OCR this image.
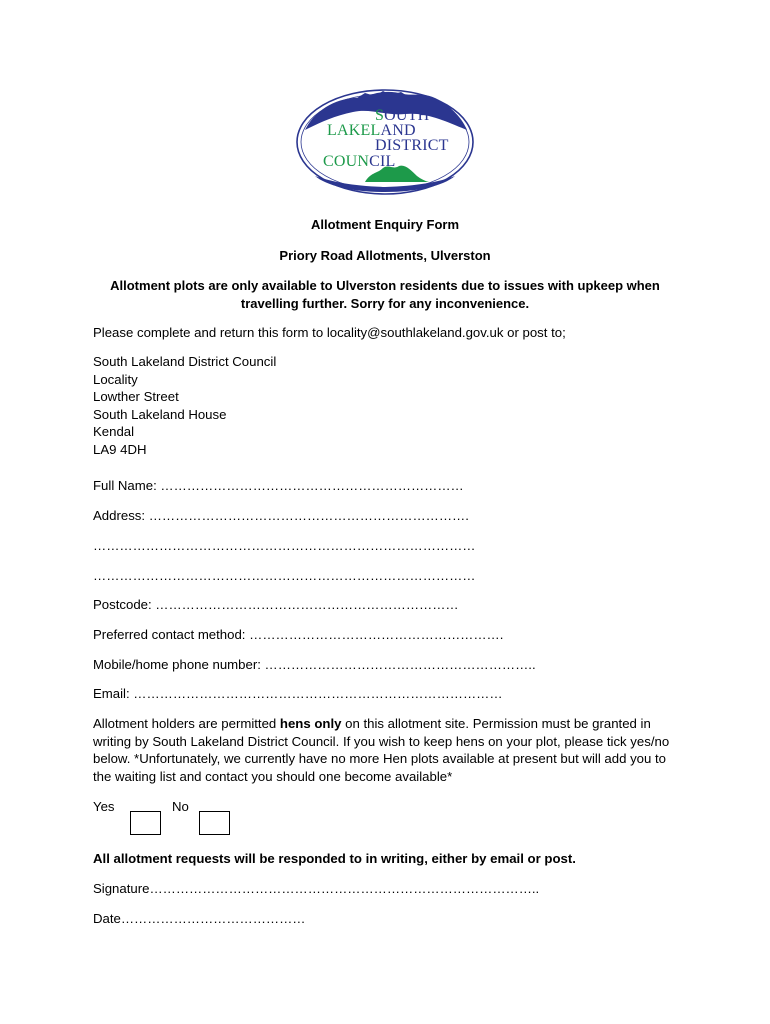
SOUTH
LAKELAND
DISTRICT
COUNCIL
Allotment Enquiry Form
Priory Road Allotments, Ulverston
Allotment plots are only available to Ulverston residents due to issues with upkeep when travelling further. Sorry for any inconvenience.
Please complete and return this form to locality@southlakeland.gov.uk or post to;
South Lakeland District Council
Locality
Lowther Street
South Lakeland House
Kendal
LA9 4DH
Full Name: ……………………………………………………………
Address: ……………………………………………………………….
……………………………………………………………………………
……………………………………………………………………………
Postcode: ……………………………………………………………
Preferred contact method: ………………………………………………….
Mobile/home phone number: ……………………………………………………..
Email: …………………………………………………………………………
Allotment holders are permitted hens only on this allotment site. Permission must be granted in writing by South Lakeland District Council. If you wish to keep hens on your plot, please tick yes/no below. *Unfortunately, we currently have no more Hen plots available at present but will add you to the waiting list and contact you should one become available*
Yes	No
All allotment requests will be responded to in writing, either by email or post.
Signature……………………………………………………………………………..
Date……………………………………
